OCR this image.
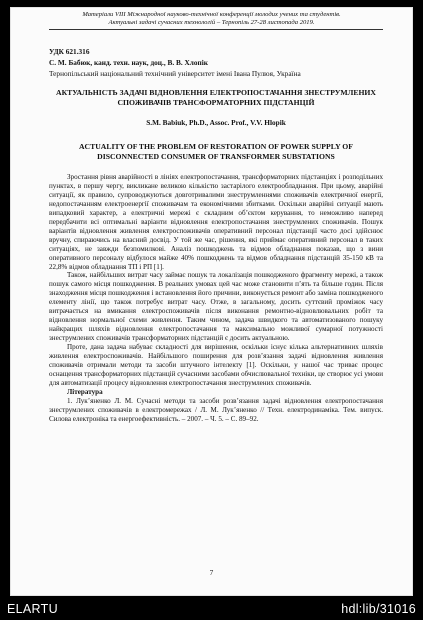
Матеріали VIII Міжнародної науково-технічної конференції молодих учених та студентів.
Актуальні задачі сучасних технологій – Тернопіль 27-28 листопада 2019.
УДК 621.316
С. М. Бабюк, канд. техн. наук, доц., В. В. Хлопік
Тернопільський національний технічний університет імені Івана Пулюя, Україна
АКТУАЛЬНІСТЬ ЗАДАЧІ ВІДНОВЛЕННЯ ЕЛЕКТРОПОСТАЧАННЯ ЗНЕСТРУМЛЕНИХ СПОЖИВАЧІВ ТРАНСФОРМАТОРНИХ ПІДСТАНЦІЙ
S.M. Babiuk, Ph.D., Assoc. Prof., V.V. Hlopik
ACTUALITY OF THE PROBLEM OF RESTORATION OF POWER SUPPLY OF DISCONNECTED CONSUMER OF TRANSFORMER SUBSTATIONS

Зростання рівня аварійності в лініях електропостачання, трансформаторних підстанціях і розподільних пунктах, в першу чергу, викликане великою кількістю застарілого електрообладнання. При цьому, аварійні ситуації, як правило, супроводжуються довготривалими знеструмленнями споживачів електричної енергії, недопостачанням електроенергії споживачам та економічними збитками. Оскільки аварійні ситуації мають випадковий характер, а електричні мережі є складним об’єктом керування, то неможливо наперед передбачити всі оптимальні варіанти відновлення електропостачання знеструмлених споживачів. Пошук варіантів відновлення живлення електроспоживачів оперативний персонал підстанції часто досі здійснює вручну, спираючись на власний досвід. У той же час, рішення, які приймає оперативний персонал в таких ситуаціях, не завжди безпомилкові. Аналіз пошкоджень та відмов обладнання показав, що з вини оперативного персоналу відбулося майже 40% пошкоджень та відмов обладнання підстанцій 35-150 кВ та 22,8% відмов обладнання ТП і РП [1].

Також, найбільших витрат часу займає пошук та локалізація пошкодженого фрагменту мережі, а також пошук самого місця пошкодження. В реальних умовах цей час може становити п’ять та більше годин. Після знаходження місця пошкодження і встановлення його причини, виконується ремонт або заміна пошкодженого елементу лінії, що також потребує витрат часу. Отже, в загальному, досить суттєвий проміжок часу витрачається на вмикання електроспоживачів після виконання ремонтно-відновлювальних робіт та відновлення нормальної схеми живлення. Таким чином, задача швидкого та автоматизованого пошуку найкращих шляхів відновлення електропостачання та максимально можливої сумарної потужності знеструмлених споживачів трансформаторних підстанцій є досить актуальною.

Проте, дана задача набуває складності для вирішення, оскільки існує кілька альтернативних шляхів живлення електроспоживачів. Найбільшого поширення для розв’язання задачі відновлення живлення споживачів отримали методи та засоби штучного інтелекту [1]. Оскільки, у нашої час триває процес оснащення трансформаторних підстанцій сучасними засобами обчислювальної техніки, це створює усі умови для автоматизації процесу відновлення електропостачання знеструмлених споживачів.

Література

1. Лук’яненко Л. М. Сучасні методи та засоби розв’язання задачі відновлення електропостачання знеструмлених споживачів в електромережах / Л. М. Лук’яненко // Техн. електродинаміка. Тем. випуск. Силова електроніка та енергоефективність. – 2007. – Ч. 5. – С. 89–92.

7
ELARTU	hdl:lib/31016
